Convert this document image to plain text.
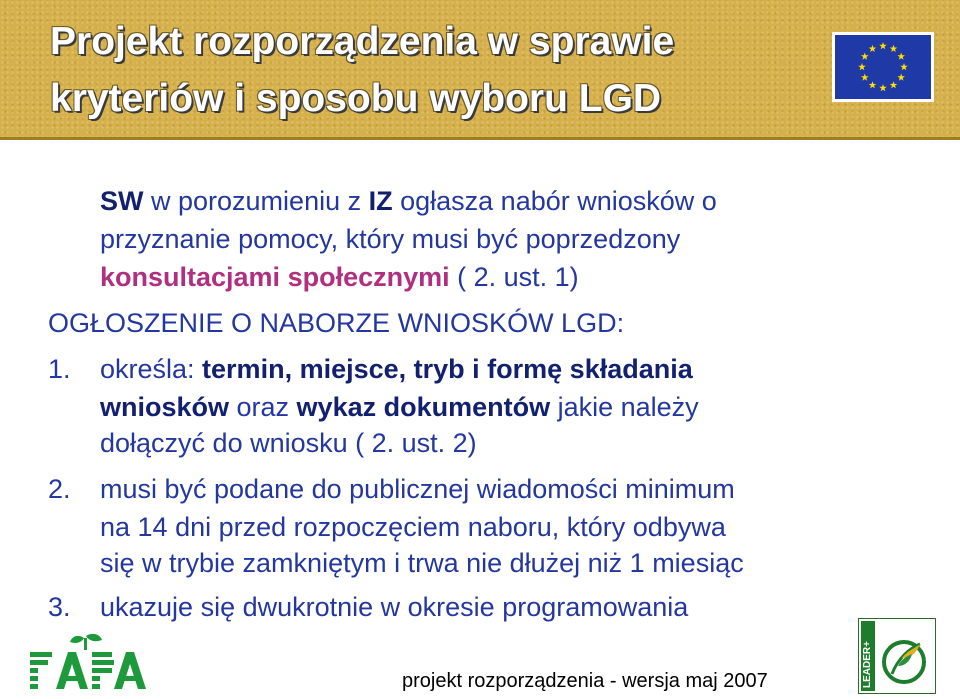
Projekt rozporządzenia w sprawie
kryteriów i sposobu wyboru LGD
SW w porozumieniu z IZ ogłasza nabór wniosków o
przyznanie pomocy, który musi być poprzedzony
konsultacjami społecznymi ( 2. ust. 1)
OGŁOSZENIE O NABORZE WNIOSKÓW LGD:
1. określa: termin, miejsce, tryb i formę składania
wniosków oraz wykaz dokumentów jakie należy
dołączyć do wniosku ( 2. ust. 2)
2. musi być podane do publicznej wiadomości minimum
na 14 dni przed rozpoczęciem naboru, który odbywa
się w trybie zamkniętym i trwa nie dłużej niż 1 miesiąc
3. ukazuje się dwukrotnie w okresie programowania
projekt rozporządzenia - wersja maj 2007	LEADER+
